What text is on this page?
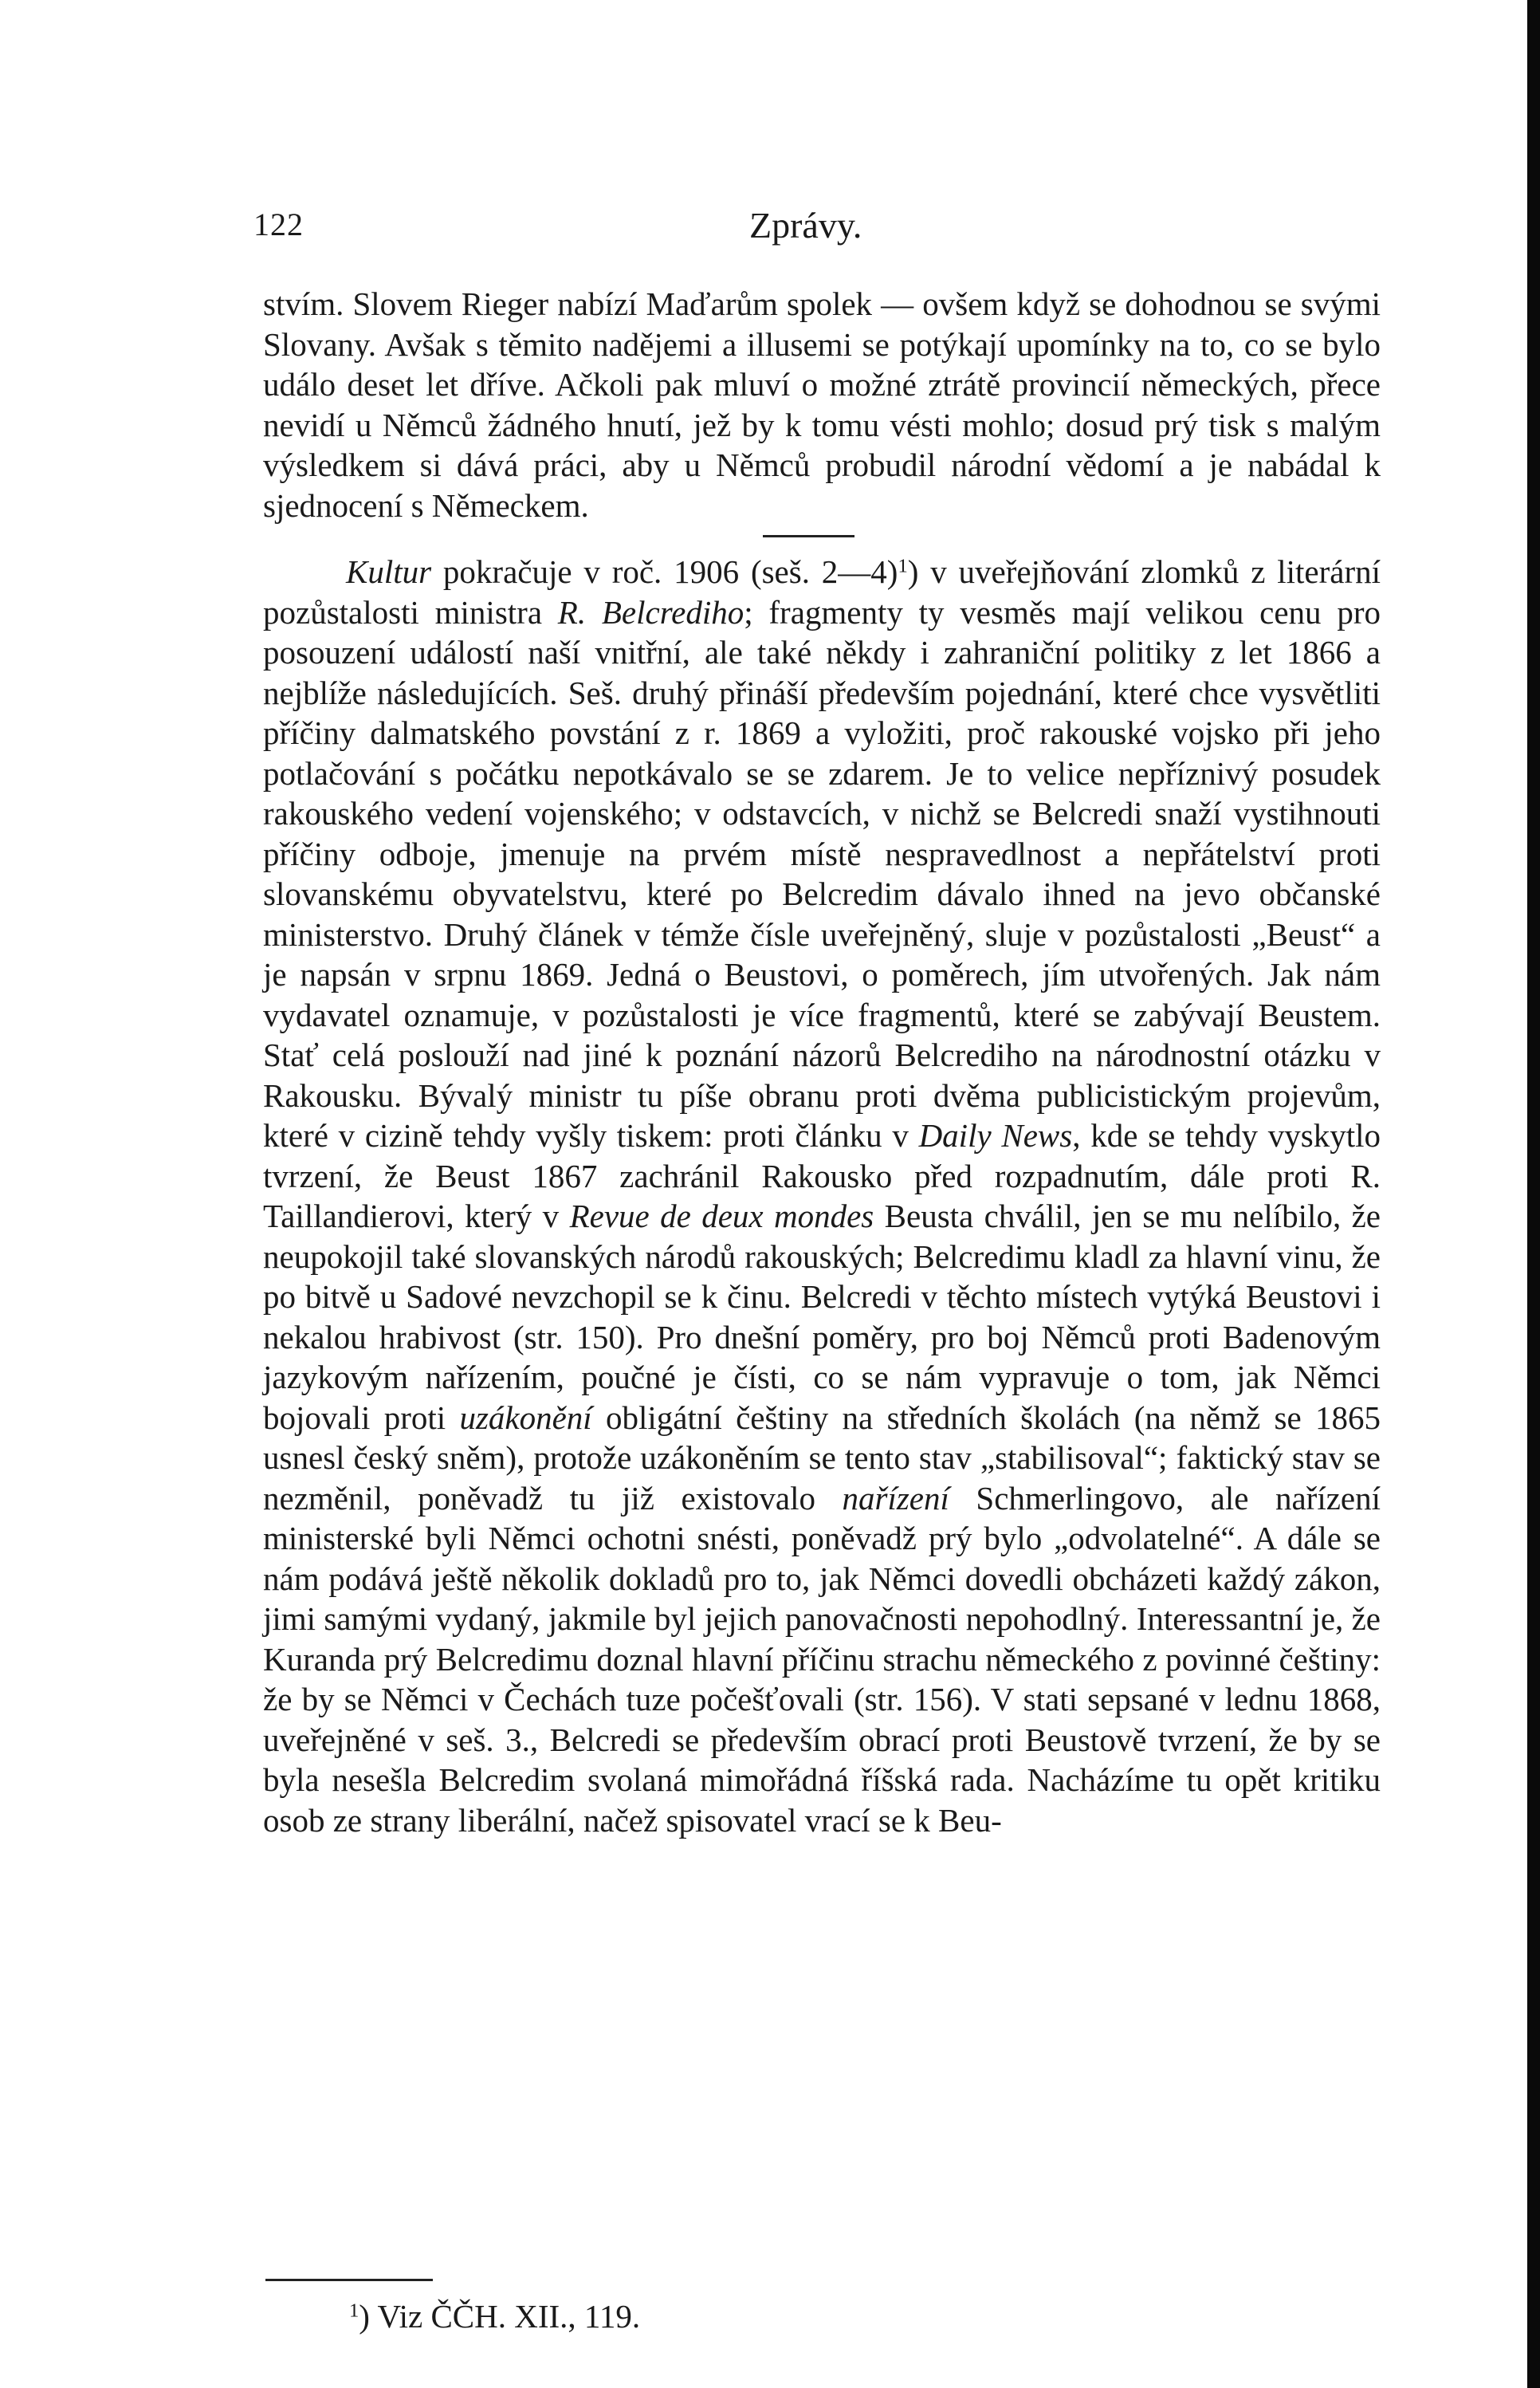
122	Zprávy.

stvím. Slovem Rieger nabízí Maďarům spolek — ovšem když se dohodnou se svými Slovany. Avšak s těmito nadějemi a illusemi se potýkají upomínky na to, co se bylo událo deset let dříve. Ačkoli pak mluví o možné ztrátě provincií německých, přece nevidí u Němců žádného hnutí, jež by k tomu vésti mohlo; dosud prý tisk s malým výsledkem si dává práci, aby u Němců probudil národní vědomí a je nabádal k sjednocení s Německem.

Kultur pokračuje v roč. 1906 (seš. 2—4)$^1$) v uveřejňování zlomků z literární pozůstalosti ministra R. Belcrediho; fragmenty ty vesměs mají velikou cenu pro posouzení událostí naší vnitřní, ale také někdy i zahraniční politiky z let 1866 a nejblíže následujících. Seš. druhý přináší především pojednání, které chce vysvětliti příčiny dalmatského povstání z r. 1869 a vyložiti, proč rakouské vojsko při jeho potlačování s počátku nepotkávalo se se zdarem. Je to velice nepříznivý posudek rakouského vedení vojenského; v odstavcích, v nichž se Belcredi snaží vystihnouti příčiny odboje, jmenuje na prvém místě nespravedlnost a nepřátelství proti slovanskému obyvatelstvu, které po Belcredim dávalo ihned na jevo občanské ministerstvo. Druhý článek v témže čísle uveřejněný, sluje v pozůstalosti „Beust“ a je napsán v srpnu 1869. Jedná o Beustovi, o poměrech, jím utvořených. Jak nám vydavatel oznamuje, v pozůstalosti je více fragmentů, které se zabývají Beustem. Stať celá poslouží nad jiné k poznání názorů Belcrediho na národnostní otázku v Rakousku. Bývalý ministr tu píše obranu proti dvěma publicistickým projevům, které v cizině tehdy vyšly tiskem: proti článku v Daily News, kde se tehdy vyskytlo tvrzení, že Beust 1867 zachránil Rakousko před rozpadnutím, dále proti R. Taillandierovi, který v Revue de deux mondes Beusta chválil, jen se mu nelíbilo, že neupokojil také slovanských národů rakouských; Belcredimu kladl za hlavní vinu, že po bitvě u Sadové nevzchopil se k činu. Belcredi v těchto místech vytýká Beustovi i nekalou hrabivost (str. 150). Pro dnešní poměry, pro boj Němců proti Badenovým jazykovým nařízením, poučné je čísti, co se nám vypravuje o tom, jak Němci bojovali proti uzákonění obligátní češtiny na středních školách (na němž se 1865 usnesl český sněm), protože uzákoněním se tento stav „stabilisoval“; faktický stav se nezměnil, poněvadž tu již existovalo nařízení Schmerlingovo, ale nařízení ministerské byli Němci ochotni snésti, poněvadž prý bylo „odvolatelné“. A dále se nám podává ještě několik dokladů pro to, jak Němci dovedli obcházeti každý zákon, jimi samými vydaný, jakmile byl jejich panovačnosti nepohodlný. Interessantní je, že Kuranda prý Belcredimu doznal hlavní příčinu strachu německého z povinné češtiny: že by se Němci v Čechách tuze počešťovali (str. 156). V stati sepsané v lednu 1868, uveřejněné v seš. 3., Belcredi se především obrací proti Beustově tvrzení, že by se byla nesešla Belcredim svolaná mimořádná říšská rada. Nacházíme tu opět kritiku osob ze strany liberální, načež spisovatel vrací se k Beu-

$^1$) Viz ČČH. XII., 119.
